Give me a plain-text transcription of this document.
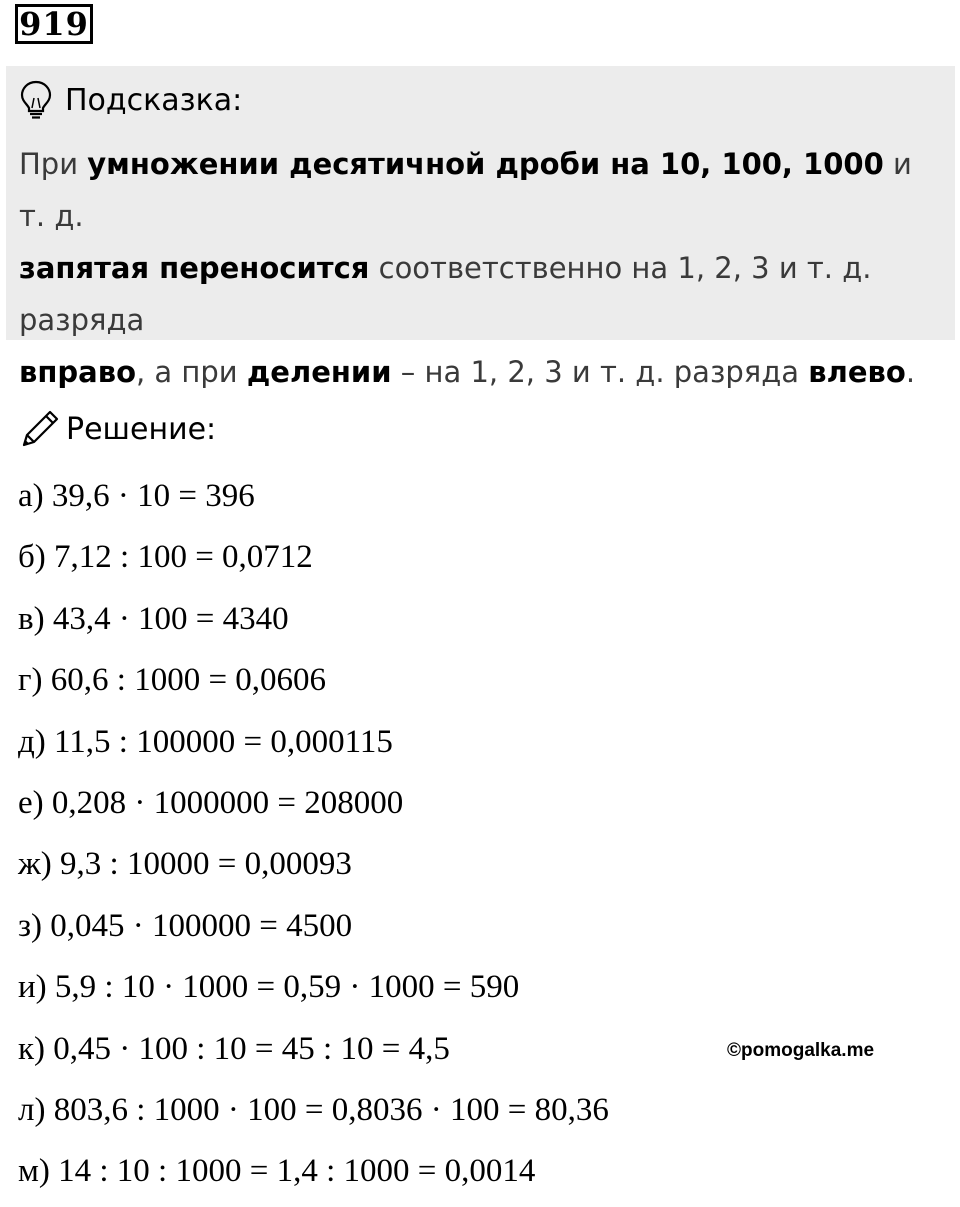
919
Подсказка:
При умножении десятичной дроби на 10, 100, 1000 и т. д.
запятая переносится соответственно на 1, 2, 3 и т. д. разряда
вправо, а при делении – на 1, 2, 3 и т. д. разряда влево.
Решение:
а) 39,6 · 10 = 396
б) 7,12 : 100 = 0,0712
в) 43,4 · 100 = 4340
г) 60,6 : 1000 = 0,0606
д) 11,5 : 100000 = 0,000115
е) 0,208 · 1000000 = 208000
ж) 9,3 : 10000 = 0,00093
з) 0,045 · 100000 = 4500
и) 5,9 : 10 · 1000 = 0,59 · 1000 = 590
к) 0,45 · 100 : 10 = 45 : 10 = 4,5
л) 803,6 : 1000 · 100 = 0,8036 · 100 = 80,36
м) 14 : 10 : 1000 = 1,4 : 1000 = 0,0014
©pomogalka.me
